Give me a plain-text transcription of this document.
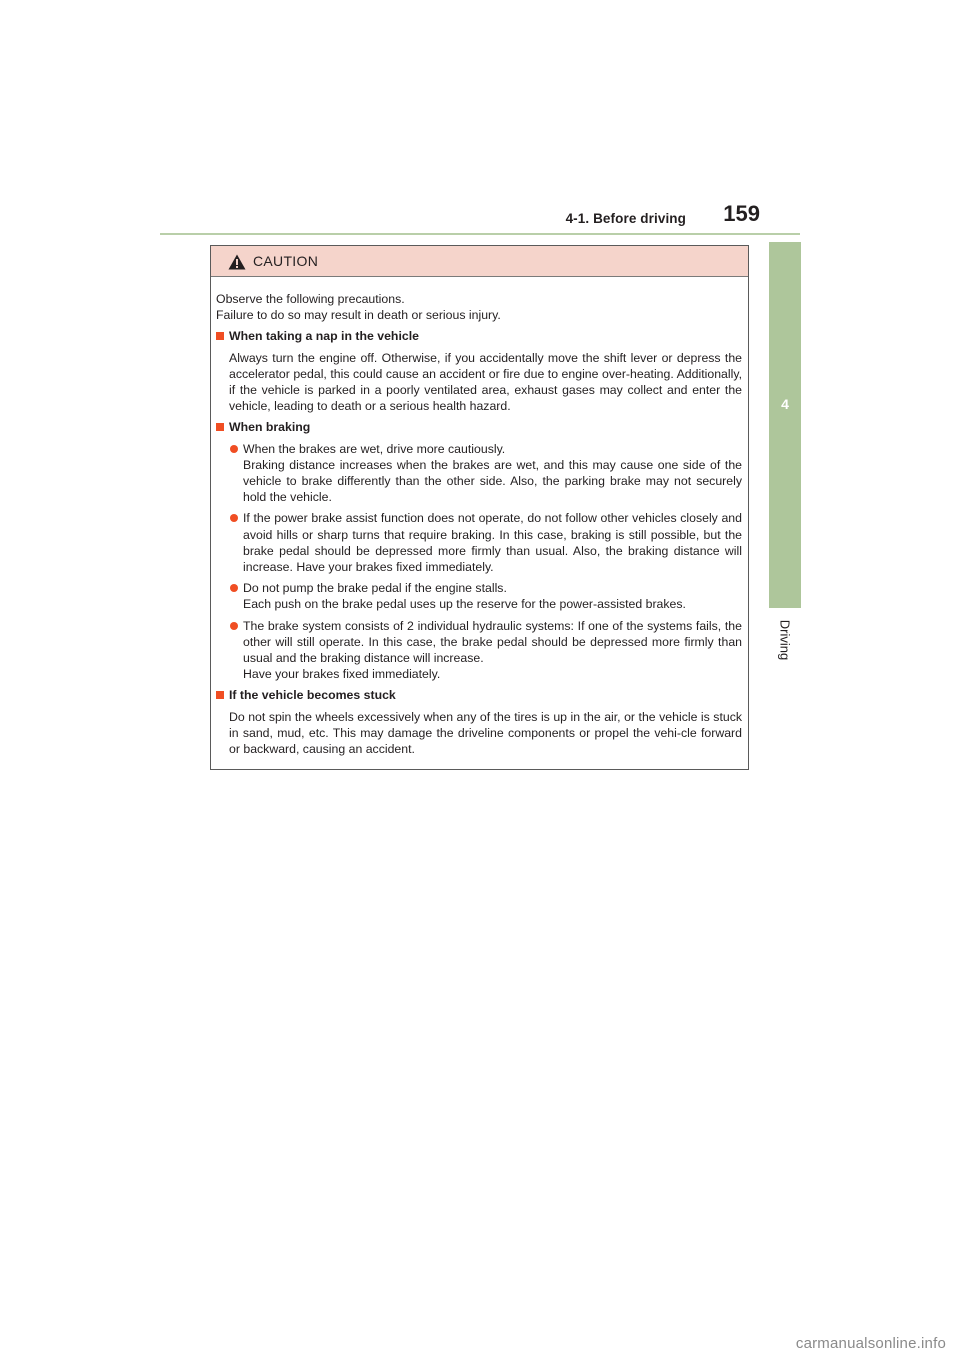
4-1. Before driving 159
4
Driving
CAUTION

Observe the following precautions.

Failure to do so may result in death or serious injury.

When taking a nap in the vehicle

Always turn the engine off. Otherwise, if you accidentally move the shift lever or depress the accelerator pedal, this could cause an accident or fire due to engine over-heating. Additionally, if the vehicle is parked in a poorly ventilated area, exhaust gases may collect and enter the vehicle, leading to death or a serious health hazard.

When braking

When the brakes are wet, drive more cautiously.

Braking distance increases when the brakes are wet, and this may cause one side of the vehicle to brake differently than the other side. Also, the parking brake may not securely hold the vehicle.

If the power brake assist function does not operate, do not follow other vehicles closely and avoid hills or sharp turns that require braking. In this case, braking is still possible, but the brake pedal should be depressed more firmly than usual. Also, the braking distance will increase. Have your brakes fixed immediately.

Do not pump the brake pedal if the engine stalls.

Each push on the brake pedal uses up the reserve for the power-assisted brakes.

The brake system consists of 2 individual hydraulic systems: If one of the systems fails, the other will still operate. In this case, the brake pedal should be depressed more firmly than usual and the braking distance will increase.

Have your brakes fixed immediately.

If the vehicle becomes stuck

Do not spin the wheels excessively when any of the tires is up in the air, or the vehicle is stuck in sand, mud, etc. This may damage the driveline components or propel the vehi-cle forward or backward, causing an accident.

carmanualsonline.info
